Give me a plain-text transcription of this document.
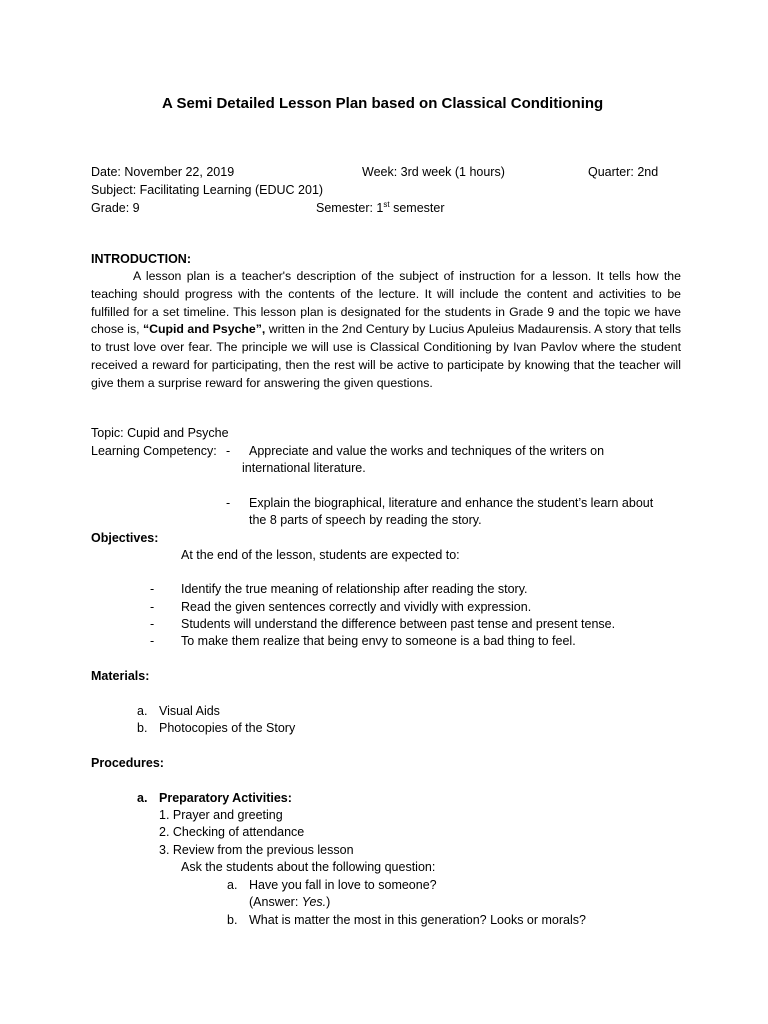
A Semi Detailed Lesson Plan based on Classical Conditioning
Date: November 22, 2019	Week: 3rd week (1 hours)	Quarter: 2nd
Subject: Facilitating Learning (EDUC 201)
Grade: 9	Semester: 1st semester
INTRODUCTION:
A lesson plan is a teacher's description of the subject of instruction for a lesson. It tells how the teaching should progress with the contents of the lecture. It will include the content and activities to be fulfilled for a set timeline. This lesson plan is designated for the students in Grade 9 and the topic we have chose is, “Cupid and Psyche”, written in the 2nd Century by Lucius Apuleius Madaurensis. A story that tells to trust love over fear. The principle we will use is Classical Conditioning by Ivan Pavlov where the student received a reward for participating, then the rest will be active to participate by knowing that the teacher will give them a surprise reward for answering the given questions.
Topic: Cupid and Psyche
Learning Competency: - Appreciate and value the works and techniques of the writers on
international literature.
- Explain the biographical, literature and enhance the student’s learn about
the 8 parts of speech by reading the story.
Objectives:
At the end of the lesson, students are expected to:
- Identify the true meaning of relationship after reading the story.
- Read the given sentences correctly and vividly with expression.
- Students will understand the difference between past tense and present tense.
- To make them realize that being envy to someone is a bad thing to feel.
Materials:
a. Visual Aids
b. Photocopies of the Story
Procedures:
a. Preparatory Activities:
1. Prayer and greeting
2. Checking of attendance
3. Review from the previous lesson
Ask the students about the following question:
a. Have you fall in love to someone?
(Answer: Yes.)
b. What is matter the most in this generation? Looks or morals?
